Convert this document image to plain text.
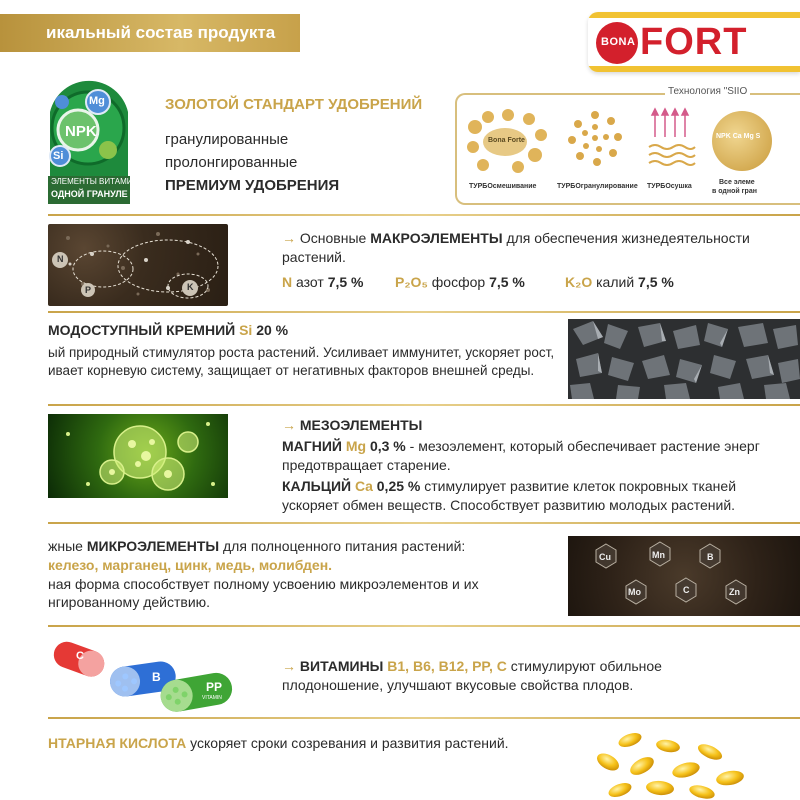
икальный состав продукта	BONA FORT
NPK
Mg
Si
ЭЛЕМЕНТЫ ВИТАМИН
ОДНОЙ ГРАНУЛЕ
ЗОЛОТОЙ СТАНДАРТ УДОБРЕНИЙ
гранулированные
пролонгированные
ПРЕМИУМ УДОБРЕНИЯ
Технология "SIIO
Bona Forte
ТУРБОсмешивание	ТУРБОгранулирование ТУРБОсушка
NPK Ca Mg S
Все элеме
в одной гран
N
P	K
→ Основные МАКРОЭЛЕМЕНТЫ для обеспечения жизнедеятельности
растений.
N азот 7,5 % P₂O₅ фосфор 7,5 %	K₂O калий 7,5 %
МОДОСТУПНЫЙ КРЕМНИЙ Si 20 %
ый природный стимулятор роста растений. Усиливает иммунитет, ускоряет рост,
ивает корневую систему, защищает от негативных факторов внешней среды.
→ МЕЗОЭЛЕМЕНТЫ
МАГНИЙ Mg 0,3 % - мезоэлемент, который обеспечивает растение энерг
предотвращает старение.
КАЛЬЦИЙ Ca 0,25 % стимулирует развитие клеток покровных тканей
ускоряет обмен веществ. Способствует развитию молодых растений.
жные МИКРОЭЛЕМЕНТЫ для полноценного питания растений:
келезо, марганец, цинк, медь, молибден.
ная форма способствует полному усвоению микроэлементов и их
нгированному действию.
Cu	Mn	B
Mo	C	Zn
C
B
PP
VITAMIN
→ ВИТАМИНЫ B1, B6, B12, PP, C стимулируют обильное
плодоношение, улучшают вкусовые свойства плодов.
НТАРНАЯ КИСЛОТА ускоряет сроки созревания и развития растений.
